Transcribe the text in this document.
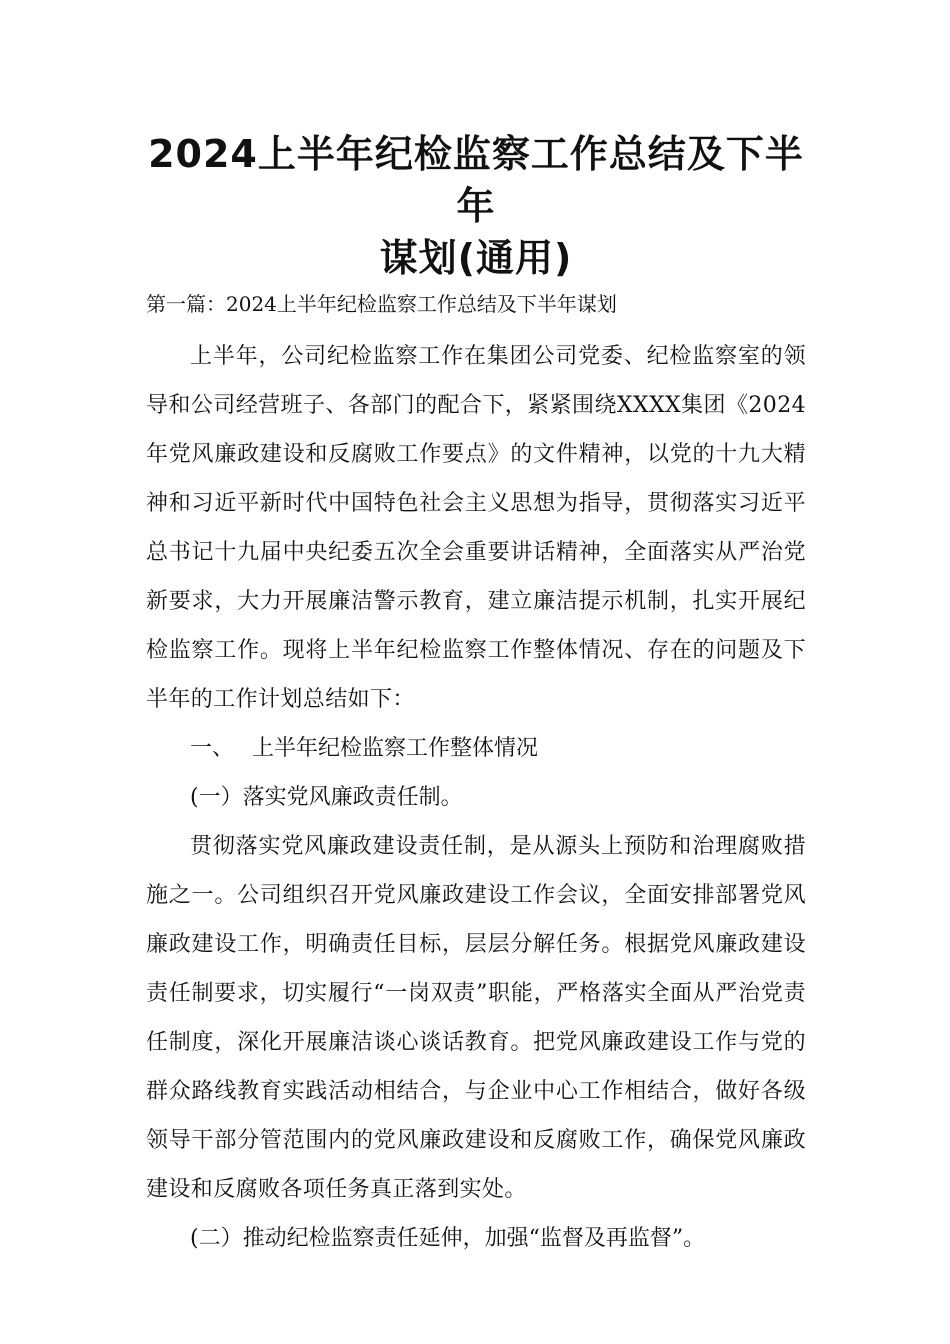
2024上半年纪检监察工作总结及下半年
谋划(通用)
第一篇：2024上半年纪检监察工作总结及下半年谋划

上半年，公司纪检监察工作在集团公司党委、纪检监察室的领导和公司经营班子、各部门的配合下，紧紧围绕XXXX集团《2024年党风廉政建设和反腐败工作要点》的文件精神，以党的十九大精神和习近平新时代中国特色社会主义思想为指导，贯彻落实习近平总书记十九届中央纪委五次全会重要讲话精神，全面落实从严治党新要求，大力开展廉洁警示教育，建立廉洁提示机制，扎实开展纪检监察工作。现将上半年纪检监察工作整体情况、存在的问题及下半年的工作计划总结如下：

一、 上半年纪检监察工作整体情况

(一）落实党风廉政责任制。

贯彻落实党风廉政建设责任制，是从源头上预防和治理腐败措施之一。公司组织召开党风廉政建设工作会议，全面安排部署党风廉政建设工作，明确责任目标，层层分解任务。根据党风廉政建设责任制要求，切实履行“一岗双责”职能，严格落实全面从严治党责任制度，深化开展廉洁谈心谈话教育。把党风廉政建设工作与党的群众路线教育实践活动相结合，与企业中心工作相结合，做好各级领导干部分管范围内的党风廉政建设和反腐败工作，确保党风廉政建设和反腐败各项任务真正落到实处。

(二）推动纪检监察责任延伸，加强“监督及再监督”。
